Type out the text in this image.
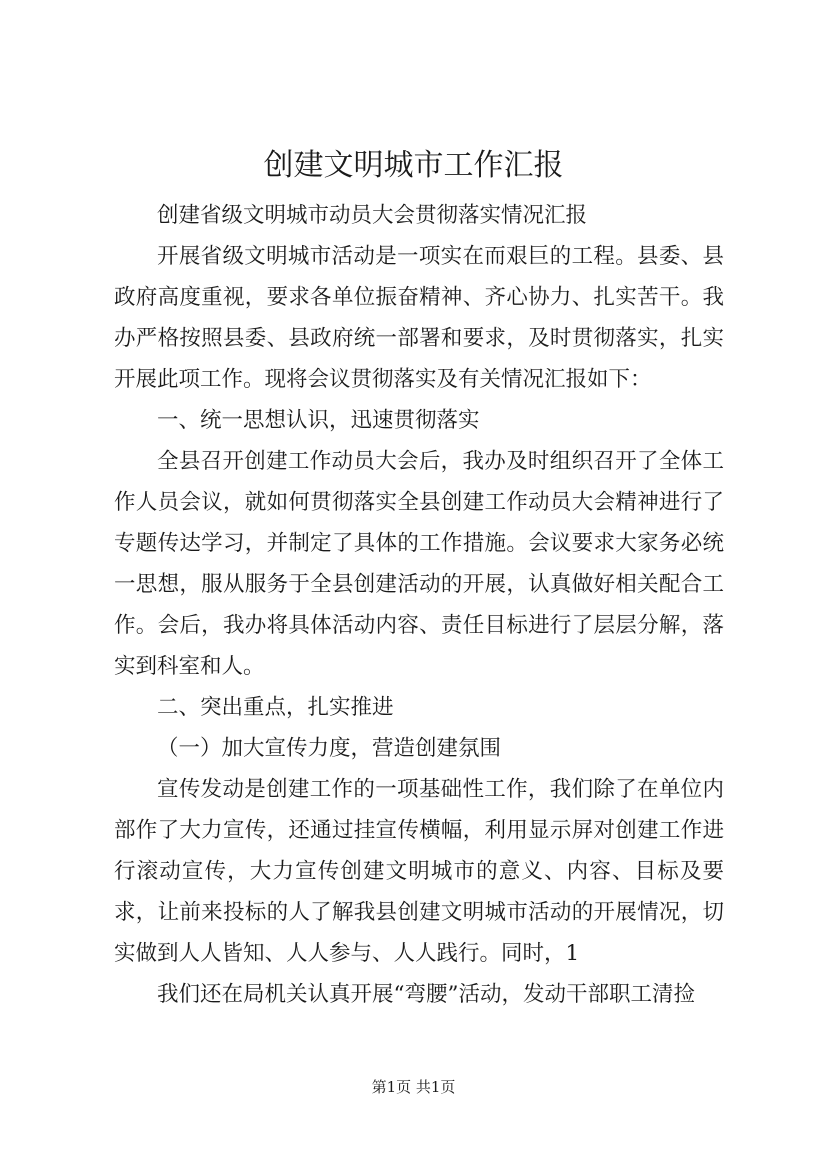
创建文明城市工作汇报

创建省级文明城市动员大会贯彻落实情况汇报

开展省级文明城市活动是一项实在而艰巨的工程。县委、县政府高度重视，要求各单位振奋精神、齐心协力、扎实苦干。我办严格按照县委、县政府统一部署和要求，及时贯彻落实，扎实开展此项工作。现将会议贯彻落实及有关情况汇报如下：

一、统一思想认识，迅速贯彻落实

全县召开创建工作动员大会后，我办及时组织召开了全体工作人员会议，就如何贯彻落实全县创建工作动员大会精神进行了专题传达学习，并制定了具体的工作措施。会议要求大家务必统一思想，服从服务于全县创建活动的开展，认真做好相关配合工作。会后，我办将具体活动内容、责任目标进行了层层分解，落实到科室和人。

二、突出重点，扎实推进

（一）加大宣传力度，营造创建氛围

宣传发动是创建工作的一项基础性工作，我们除了在单位内部作了大力宣传，还通过挂宣传横幅，利用显示屏对创建工作进行滚动宣传，大力宣传创建文明城市的意义、内容、目标及要求，让前来投标的人了解我县创建文明城市活动的开展情况，切实做到人人皆知、人人参与、人人践行。同时，1

我们还在局机关认真开展“弯腰”活动，发动干部职工清捡

第1页 共1页
